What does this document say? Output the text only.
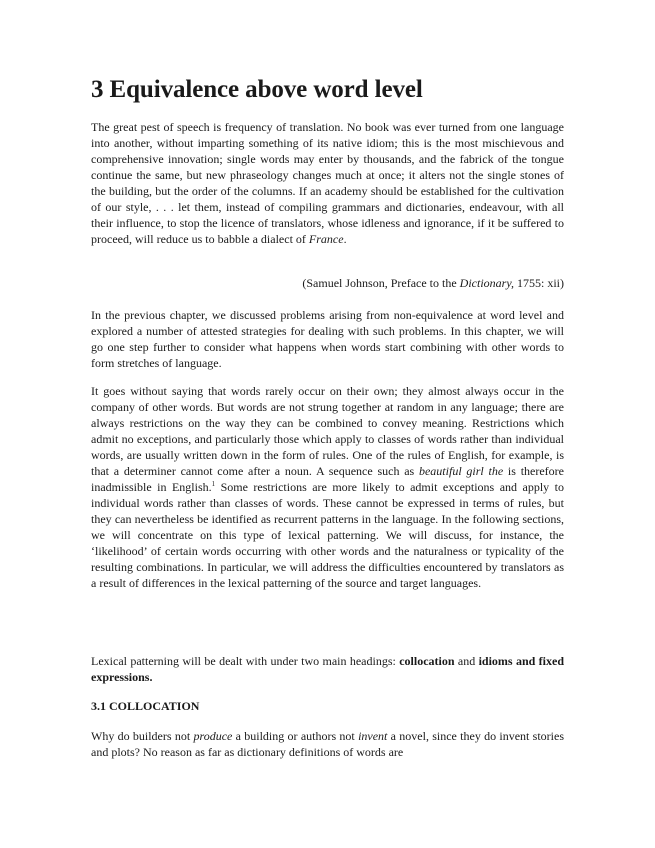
3 Equivalence above word level

The great pest of speech is frequency of translation. No book was ever turned from one language into another, without imparting something of its native idiom; this is the most mischievous and comprehensive innovation; single words may enter by thousands, and the fabrick of the tongue continue the same, but new phraseology changes much at once; it alters not the single stones of the building, but the order of the columns. If an academy should be established for the cultivation of our style, . . . let them, instead of compiling grammars and dictionaries, endeavour, with all their influence, to stop the licence of translators, whose idleness and ignorance, if it be suffered to proceed, will reduce us to babble a dialect of France.

(Samuel Johnson, Preface to the Dictionary, 1755: xii)

In the previous chapter, we discussed problems arising from non-equivalence at word level and explored a number of attested strategies for dealing with such problems. In this chapter, we will go one step further to consider what happens when words start combining with other words to form stretches of language.

It goes without saying that words rarely occur on their own; they almost always occur in the company of other words. But words are not strung together at random in any language; there are always restrictions on the way they can be combined to convey meaning. Restrictions which admit no exceptions, and particularly those which apply to classes of words rather than individual words, are usually written down in the form of rules. One of the rules of English, for example, is that a determiner cannot come after a noun. A sequence such as beautiful girl the is therefore inadmissible in English.$^1$ Some restrictions are more likely to admit exceptions and apply to individual words rather than classes of words. These cannot be expressed in terms of rules, but they can nevertheless be identified as recurrent patterns in the language. In the following sections, we will concentrate on this type of lexical patterning. We will discuss, for instance, the ‘likelihood’ of certain words occurring with other words and the naturalness or typicality of the resulting combinations. In particular, we will address the difficulties encountered by translators as a result of differences in the lexical patterning of the source and target languages.

Lexical patterning will be dealt with under two main headings: collocation and idioms and fixed expressions.

3.1 COLLOCATION

Why do builders not produce a building or authors not invent a novel, since they do invent stories and plots? No reason as far as dictionary definitions of words are
